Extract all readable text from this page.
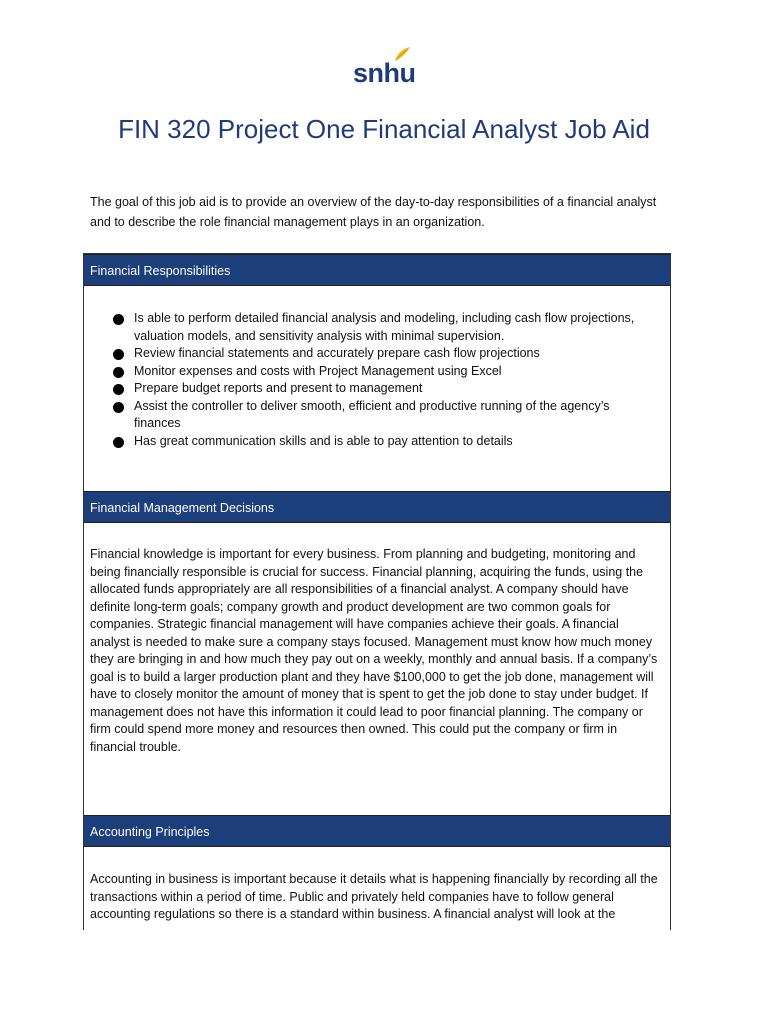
snhu
FIN 320 Project One Financial Analyst Job Aid

The goal of this job aid is to provide an overview of the day-to-day responsibilities of a financial analyst and to describe the role financial management plays in an organization.

Financial Responsibilities
Is able to perform detailed financial analysis and modeling, including cash flow projections, valuation models, and sensitivity analysis with minimal supervision.
Review financial statements and accurately prepare cash flow projections
Monitor expenses and costs with Project Management using Excel
Prepare budget reports and present to management
Assist the controller to deliver smooth, efficient and productive running of the agency’s finances
Has great communication skills and is able to pay attention to details
Financial Management Decisions

Financial knowledge is important for every business. From planning and budgeting, monitoring and being financially responsible is crucial for success. Financial planning, acquiring the funds, using the allocated funds appropriately are all responsibilities of a financial analyst. A company should have definite long-term goals; company growth and product development are two common goals for companies. Strategic financial management will have companies achieve their goals. A financial analyst is needed to make sure a company stays focused. Management must know how much money they are bringing in and how much they pay out on a weekly, monthly and annual basis. If a company’s goal is to build a larger production plant and they have $100,000 to get the job done, management will have to closely monitor the amount of money that is spent to get the job done to stay under budget. If management does not have this information it could lead to poor financial planning. The company or firm could spend more money and resources then owned. This could put the company or firm in financial trouble.

Accounting Principles

Accounting in business is important because it details what is happening financially by recording all the transactions within a period of time. Public and privately held companies have to follow general accounting regulations so there is a standard within business. A financial analyst will look at the
